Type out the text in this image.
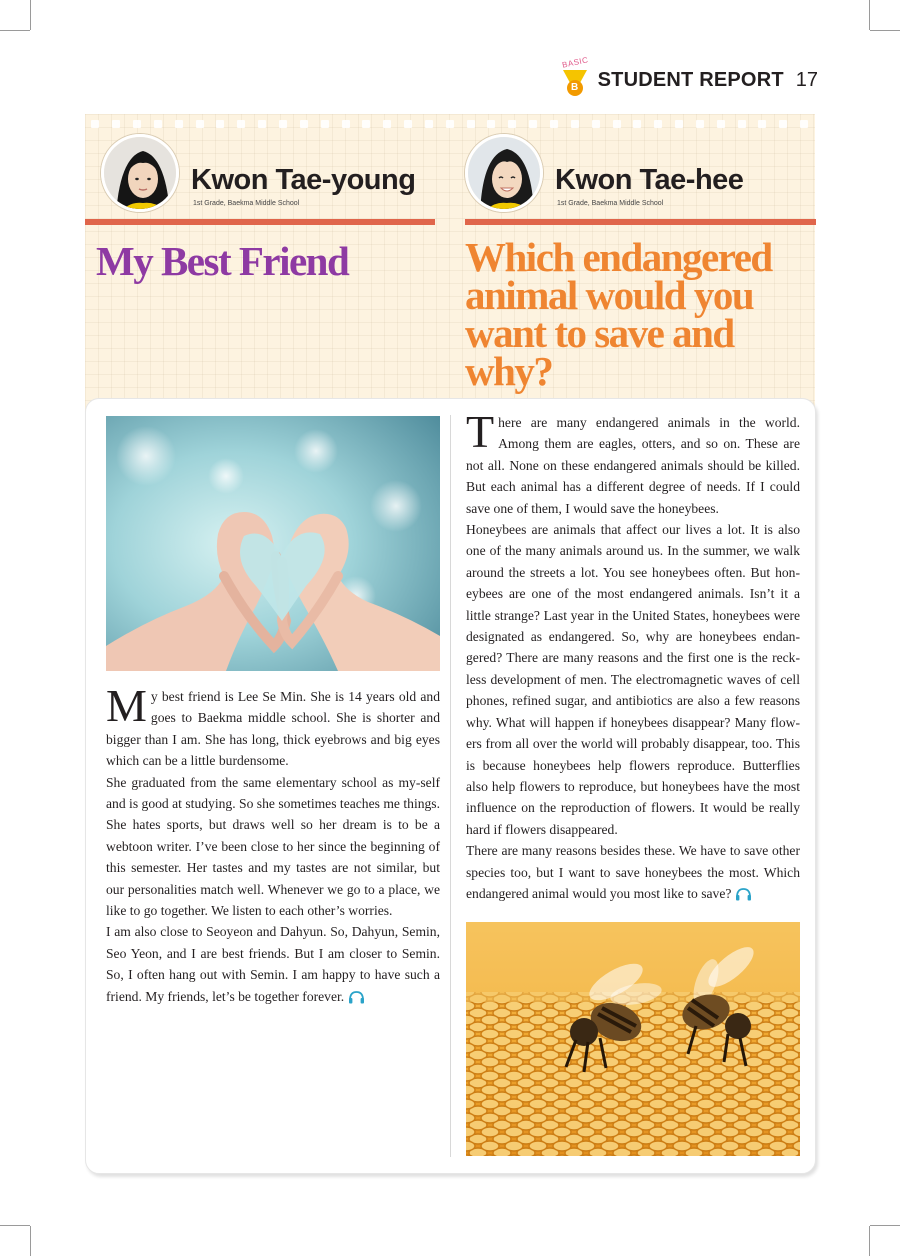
BASIC
B STUDENT REPORT 17
Kwon Tae-young
1st Grade, Baekma Middle School
Kwon Tae-hee
1st Grade, Baekma Middle School
My Best Friend	Which endangered animal would you want to save and why?

My best friend is Lee Se Min. She is 14 years old and goes to Baekma middle school. She is shorter and bigger than I am. She has long, thick eyebrows and big eyes which can be a little burdensome.

She graduated from the same elementary school as my-self and is good at studying. So she sometimes teaches me things. She hates sports, but draws well so her dream is to be a webtoon writer. I’ve been close to her since the beginning of this semester. Her tastes and my tastes are not similar, but our personalities match well. Whenever we go to a place, we like to go together. We listen to each other’s worries.

I am also close to Seoyeon and Dahyun. So, Dahyun, Semin, Seo Yeon, and I are best friends. But I am closer to Semin. So, I often hang out with Semin. I am happy to have such a friend. My friends, let’s be together forever.

There are many endangered animals in the world. Among them are eagles, otters, and so on. These are not all. None on these endangered animals should be killed. But each animal has a different degree of needs. If I could save one of them, I would save the honeybees.

Honeybees are animals that affect our lives a lot. It is also one of the many animals around us. In the summer, we walk around the streets a lot. You see honeybees often. But hon-eybees are one of the most endangered animals. Isn’t it a little strange? Last year in the United States, honeybees were designated as endangered. So, why are honeybees endan-gered? There are many reasons and the first one is the reck-less development of men. The electromagnetic waves of cell phones, refined sugar, and antibiotics are also a few reasons why. What will happen if honeybees disappear? Many flow-ers from all over the world will probably disappear, too. This is because honeybees help flowers reproduce. Butterflies also help flowers to reproduce, but honeybees have the most influence on the reproduction of flowers. It would be really hard if flowers disappeared.

There are many reasons besides these. We have to save other species too, but I want to save honeybees the most. Which endangered animal would you most like to save?
